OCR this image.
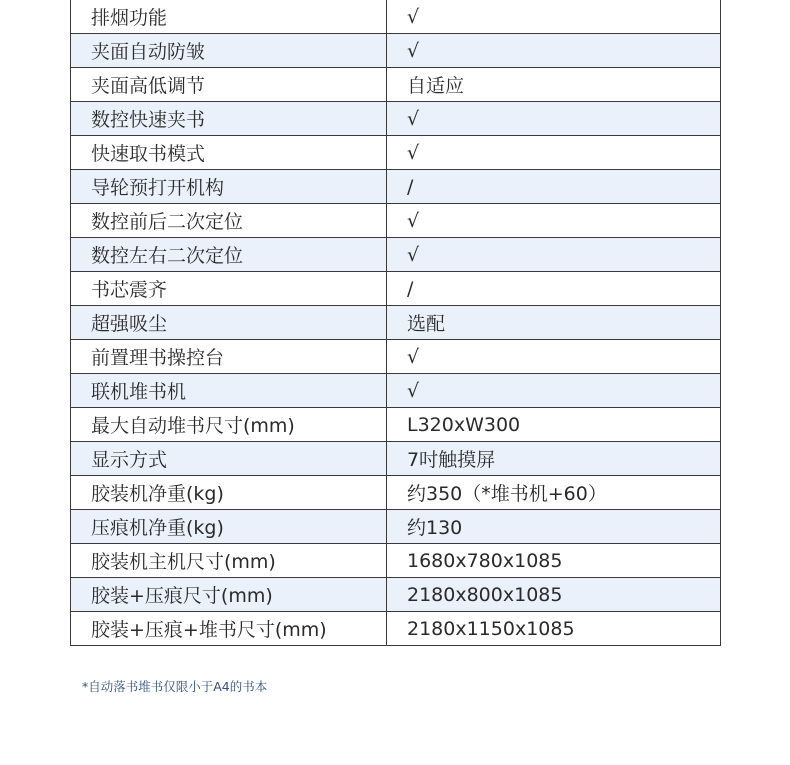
排烟功能	√
夹面自动防皱	√
夹面高低调节	自适应
数控快速夹书	√
快速取书模式	√
导轮预打开机构	/
数控前后二次定位	√
数控左右二次定位	√
书芯震齐	/
超强吸尘	选配
前置理书操控台	√
联机堆书机	√
最大自动堆书尺寸(mm)	L320xW300
显示方式	7吋触摸屏
胶装机净重(kg)	约350（*堆书机+60）
压痕机净重(kg)	约130
胶装机主机尺寸(mm)	1680x780x1085
胶装+压痕尺寸(mm)	2180x800x1085
胶装+压痕+堆书尺寸(mm)	2180x1150x1085
*自动落书堆书仅限小于A4的书本
